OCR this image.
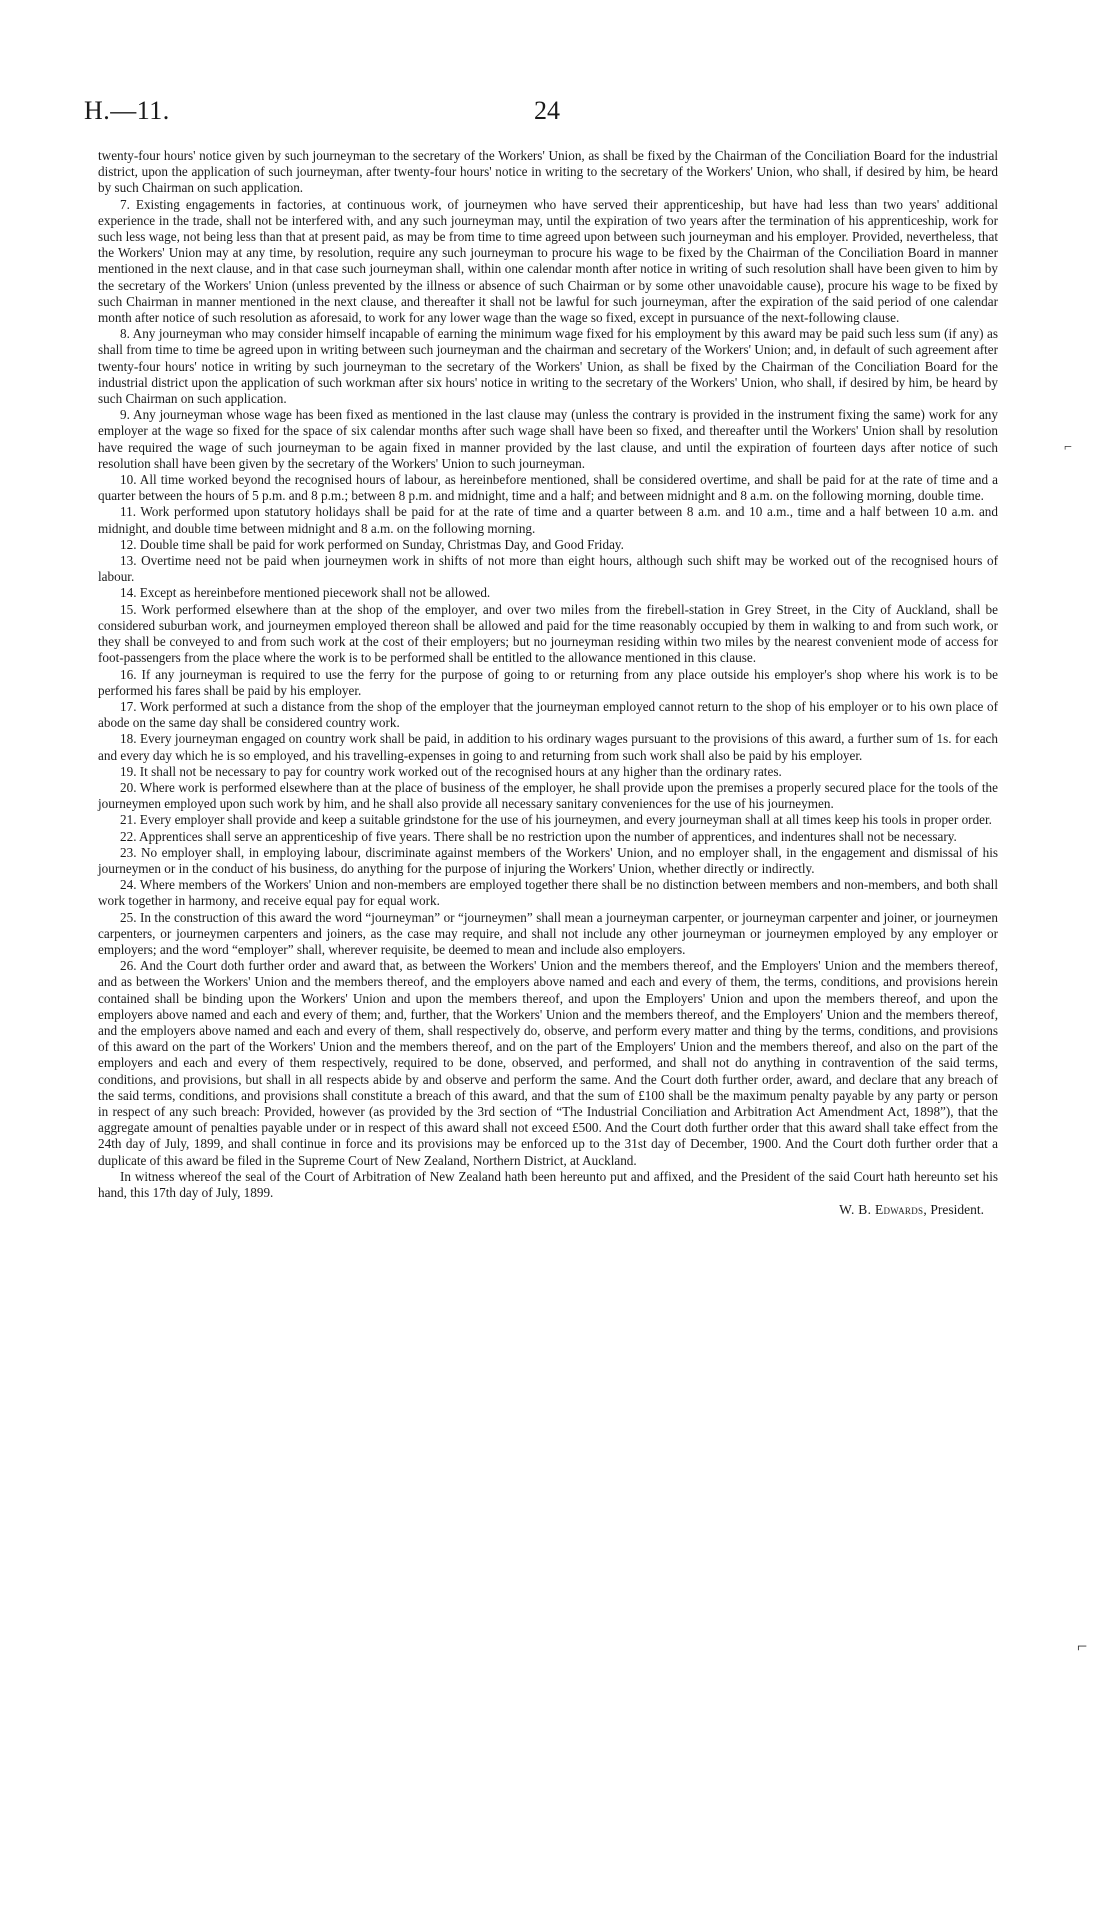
H.—11.	24

twenty-four hours' notice given by such journeyman to the secretary of the Workers' Union, as shall be fixed by the Chairman of the Conciliation Board for the industrial district, upon the application of such journeyman, after twenty-four hours' notice in writing to the secretary of the Workers' Union, who shall, if desired by him, be heard by such Chairman on such application.

7. Existing engagements in factories, at continuous work, of journeymen who have served their apprenticeship, but have had less than two years' additional experience in the trade, shall not be interfered with, and any such journeyman may, until the expiration of two years after the termination of his apprenticeship, work for such less wage, not being less than that at present paid, as may be from time to time agreed upon between such journeyman and his employer. Provided, nevertheless, that the Workers' Union may at any time, by resolution, require any such journeyman to procure his wage to be fixed by the Chairman of the Conciliation Board in manner mentioned in the next clause, and in that case such journeyman shall, within one calendar month after notice in writing of such resolution shall have been given to him by the secretary of the Workers' Union (unless prevented by the illness or absence of such Chairman or by some other unavoidable cause), procure his wage to be fixed by such Chairman in manner mentioned in the next clause, and thereafter it shall not be lawful for such journeyman, after the expiration of the said period of one calendar month after notice of such resolution as aforesaid, to work for any lower wage than the wage so fixed, except in pursuance of the next-following clause.

8. Any journeyman who may consider himself incapable of earning the minimum wage fixed for his employment by this award may be paid such less sum (if any) as shall from time to time be agreed upon in writing between such journeyman and the chairman and secretary of the Workers' Union; and, in default of such agreement after twenty-four hours' notice in writing by such journeyman to the secretary of the Workers' Union, as shall be fixed by the Chairman of the Conciliation Board for the industrial district upon the application of such workman after six hours' notice in writing to the secretary of the Workers' Union, who shall, if desired by him, be heard by such Chairman on such application.

9. Any journeyman whose wage has been fixed as mentioned in the last clause may (unless the contrary is provided in the instrument fixing the same) work for any employer at the wage so fixed for the space of six calendar months after such wage shall have been so fixed, and thereafter until the Workers' Union shall by resolution have required the wage of such journeyman to be again fixed in manner provided by the last clause, and until the expiration of fourteen days after notice of such resolution shall have been given by the secretary of the Workers' Union to such journeyman.

10. All time worked beyond the recognised hours of labour, as hereinbefore mentioned, shall be considered overtime, and shall be paid for at the rate of time and a quarter between the hours of 5 p.m. and 8 p.m.; between 8 p.m. and midnight, time and a half; and between midnight and 8 a.m. on the following morning, double time.

11. Work performed upon statutory holidays shall be paid for at the rate of time and a quarter between 8 a.m. and 10 a.m., time and a half between 10 a.m. and midnight, and double time between midnight and 8 a.m. on the following morning.

12. Double time shall be paid for work performed on Sunday, Christmas Day, and Good Friday.

13. Overtime need not be paid when journeymen work in shifts of not more than eight hours, although such shift may be worked out of the recognised hours of labour.

14. Except as hereinbefore mentioned piecework shall not be allowed.

15. Work performed elsewhere than at the shop of the employer, and over two miles from the firebell-station in Grey Street, in the City of Auckland, shall be considered suburban work, and journeymen employed thereon shall be allowed and paid for the time reasonably occupied by them in walking to and from such work, or they shall be conveyed to and from such work at the cost of their employers; but no journeyman residing within two miles by the nearest convenient mode of access for foot-passengers from the place where the work is to be performed shall be entitled to the allowance mentioned in this clause.

16. If any journeyman is required to use the ferry for the purpose of going to or returning from any place outside his employer's shop where his work is to be performed his fares shall be paid by his employer.

17. Work performed at such a distance from the shop of the employer that the journeyman employed cannot return to the shop of his employer or to his own place of abode on the same day shall be considered country work.

18. Every journeyman engaged on country work shall be paid, in addition to his ordinary wages pursuant to the provisions of this award, a further sum of 1s. for each and every day which he is so employed, and his travelling-expenses in going to and returning from such work shall also be paid by his employer.

19. It shall not be necessary to pay for country work worked out of the recognised hours at any higher than the ordinary rates.

20. Where work is performed elsewhere than at the place of business of the employer, he shall provide upon the premises a properly secured place for the tools of the journeymen employed upon such work by him, and he shall also provide all necessary sanitary conveniences for the use of his journeymen.

21. Every employer shall provide and keep a suitable grindstone for the use of his journeymen, and every journeyman shall at all times keep his tools in proper order.

22. Apprentices shall serve an apprenticeship of five years. There shall be no restriction upon the number of apprentices, and indentures shall not be necessary.

23. No employer shall, in employing labour, discriminate against members of the Workers' Union, and no employer shall, in the engagement and dismissal of his journeymen or in the conduct of his business, do anything for the purpose of injuring the Workers' Union, whether directly or indirectly.

24. Where members of the Workers' Union and non-members are employed together there shall be no distinction between members and non-members, and both shall work together in harmony, and receive equal pay for equal work.

25. In the construction of this award the word “journeyman” or “journeymen” shall mean a journeyman carpenter, or journeyman carpenter and joiner, or journeymen carpenters, or journeymen carpenters and joiners, as the case may require, and shall not include any other journeyman or journeymen employed by any employer or employers; and the word “employer” shall, wherever requisite, be deemed to mean and include also employers.

26. And the Court doth further order and award that, as between the Workers' Union and the members thereof, and the Employers' Union and the members thereof, and as between the Workers' Union and the members thereof, and the employers above named and each and every of them, the terms, conditions, and provisions herein contained shall be binding upon the Workers' Union and upon the members thereof, and upon the Employers' Union and upon the members thereof, and upon the employers above named and each and every of them; and, further, that the Workers' Union and the members thereof, and the Employers' Union and the members thereof, and the employers above named and each and every of them, shall respectively do, observe, and perform every matter and thing by the terms, conditions, and provisions of this award on the part of the Workers' Union and the members thereof, and on the part of the Employers' Union and the members thereof, and also on the part of the employers and each and every of them respectively, required to be done, observed, and performed, and shall not do anything in contravention of the said terms, conditions, and provisions, but shall in all respects abide by and observe and perform the same. And the Court doth further order, award, and declare that any breach of the said terms, conditions, and provisions shall constitute a breach of this award, and that the sum of £100 shall be the maximum penalty payable by any party or person in respect of any such breach: Provided, however (as provided by the 3rd section of “The Industrial Conciliation and Arbitration Act Amendment Act, 1898”), that the aggregate amount of penalties payable under or in respect of this award shall not exceed £500. And the Court doth further order that this award shall take effect from the 24th day of July, 1899, and shall continue in force and its provisions may be enforced up to the 31st day of December, 1900. And the Court doth further order that a duplicate of this award be filed in the Supreme Court of New Zealand, Northern District, at Auckland.

In witness whereof the seal of the Court of Arbitration of New Zealand hath been hereunto put and affixed, and the President of the said Court hath hereunto set his hand, this 17th day of July, 1899.

W. B. Edwards, President.
⌐
⌐
